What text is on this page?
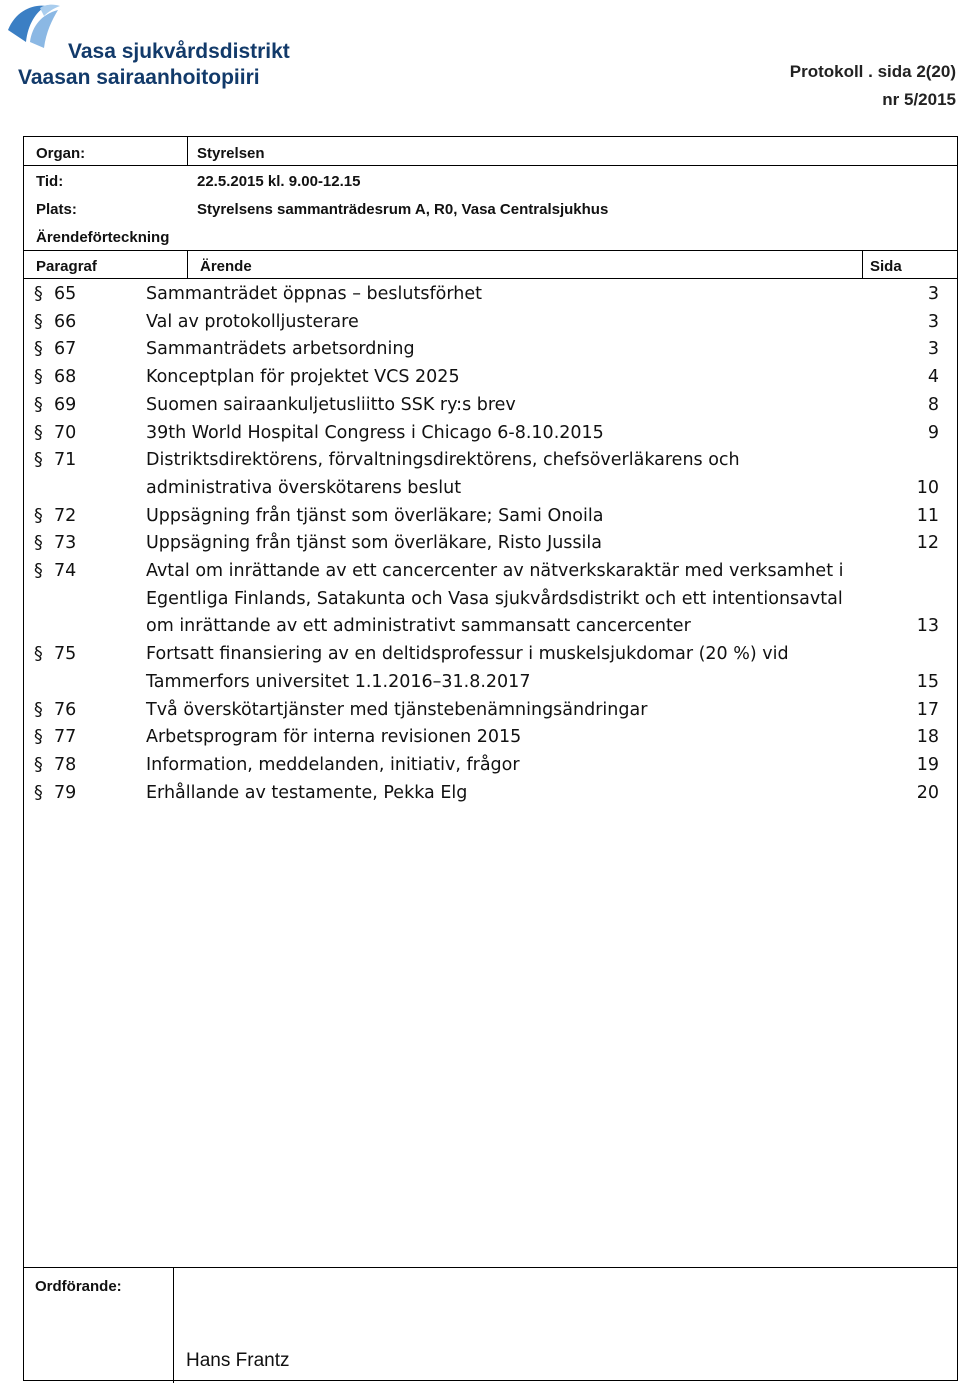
Vasa sjukvårdsdistrikt
Vaasan sairaanhoitopiiri	Protokoll . sida 2(20)
nr 5/2015
Organ:	Styrelsen
Tid:	22.5.2015 kl. 9.00-12.15
Plats:	Styrelsens sammanträdesrum A, R0, Vasa Centralsjukhus
Ärendeförteckning
Paragraf	Ärende	Sida
§ 65	Sammanträdet öppnas – beslutsförhet	3
§ 66	Val av protokolljusterare	3
§ 67	Sammanträdets arbetsordning	3
§ 68	Konceptplan för projektet VCS 2025	4
§ 69	Suomen sairaankuljetusliitto SSK ry:s brev	8
§ 70	39th World Hospital Congress i Chicago 6-8.10.2015	9
§ 71	Distriktsdirektörens, förvaltningsdirektörens, chefsöverläkarens och
administrativa överskötarens beslut	10
§ 72	Uppsägning från tjänst som överläkare; Sami Onoila	11
§ 73	Uppsägning från tjänst som överläkare, Risto Jussila	12
§ 74	Avtal om inrättande av ett cancercenter av nätverkskaraktär med verksamhet i
Egentliga Finlands, Satakunta och Vasa sjukvårdsdistrikt och ett intentionsavtal
om inrättande av ett administrativt sammansatt cancercenter	13
§ 75	Fortsatt finansiering av en deltidsprofessur i muskelsjukdomar (20 %) vid
Tammerfors universitet 1.1.2016–31.8.2017	15
§ 76	Två överskötartjänster med tjänstebenämningsändringar	17
§ 77	Arbetsprogram för interna revisionen 2015	18
§ 78	Information, meddelanden, initiativ, frågor	19
§ 79	Erhållande av testamente, Pekka Elg	20
Ordförande:
Hans Frantz
